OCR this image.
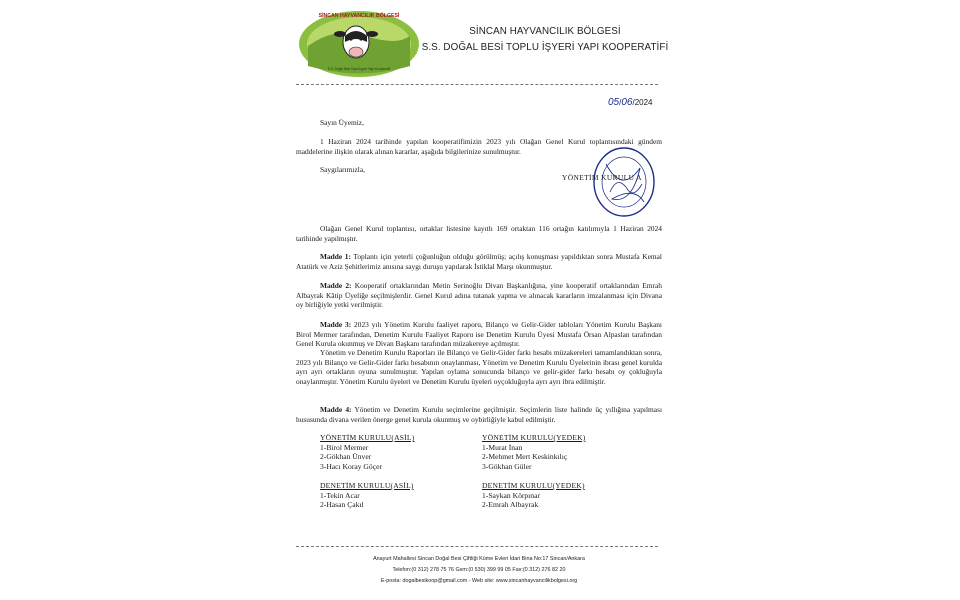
SİNCAN HAYVANCILIK BÖLGESİ
S.S. Doğal Besi Toplu İşyeri Yapı Kooperatifi
SİNCAN HAYVANCILIK BÖLGESİ
S.S. DOĞAL BESİ TOPLU İŞYERİ YAPI KOOPERATİFİ
05/06/2024
Sayın Üyemiz,
1 Haziran 2024 tarihinde yapılan kooperatifimizin 2023 yılı Olağan Genel Kurul toplantısındaki gündem maddelerine ilişkin olarak alınan kararlar, aşağıda bilgilerinize sunulmuştur.
Saygılarımızla,
YÖNETİM KURULU A
Olağan Genel Kurul toplantısı, ortaklar listesine kayıtlı 169 ortaktan 116 ortağın katılımıyla 1 Haziran 2024 tarihinde yapılmıştır.
Madde 1: Toplantı için yeterli çoğunluğun olduğu görülmüş; açılış konuşması yapıldıktan sonra Mustafa Kemal Atatürk ve Aziz Şehitlerimiz anısına saygı duruşu yapılarak İstiklal Marşı okunmuştur.
Madde 2: Kooperatif ortaklarından Metin Serinoğlu Divan Başkanlığına, yine kooperatif ortaklarından Emrah Albayrak Kâtip Üyeliğe seçilmişlerdir. Genel Kurul adına tutanak yapma ve alınacak kararların imzalanması için Divana oy birliğiyle yetki verilmiştir.
Madde 3: 2023 yılı Yönetim Kurulu faaliyet raporu, Bilanço ve Gelir-Gider tabloları Yönetim Kurulu Başkanı Birol Mermer tarafından, Denetim Kurulu Faaliyet Raporu ise Denetim Kurulu Üyesi Mustafa Örsan Alpaslan tarafından Genel Kurula okunmuş ve Divan Başkanı tarafından müzakereye açılmıştır.
Yönetim ve Denetim Kurulu Raporları ile Bilanço ve Gelir-Gider farkı hesabı müzakereleri tamamlandıktan sonra, 2023 yılı Bilanço ve Gelir-Gider farkı hesabının onaylanması, Yönetim ve Denetim Kurulu Üyelerinin ibrası genel kurulda ayrı ayrı ortakların oyuna sunulmuştur. Yapılan oylama sonucunda bilanço ve gelir-gider farkı hesabı oy çokluğuyla onaylanmıştır. Yönetim Kurulu üyeleri ve Denetim Kurulu üyeleri oyçokluğuyla ayrı ayrı ibra edilmiştir.
Madde 4: Yönetim ve Denetim Kurulu seçimlerine geçilmiştir. Seçimlerin liste halinde üç yıllığına yapılması hususunda divana verilen önerge genel kurula okunmuş ve oybirliğiyle kabul edilmiştir.
YÖNETİM KURULU(ASİL)
1-Birol Mermer
2-Gökhan Ünver
3-Hacı Koray Göçer
YÖNETİM KURULU(YEDEK)
1-Murat İnan
2-Mehmet Mert Keskinkılıç
3-Gökhan Güler
DENETİM KURULU(ASİL)
1-Tekin Acar
2-Hasan Çakıl
DENETİM KURULU(YEDEK)
1-Saykan Körpınar
2-Emrah Albayrak
Anayurt Mahallesi Sincan Doğal Besi Çiftliği Küme Evleri İdari Bina No:17 Sincan/Ankara
Telefon:(0 312) 278 75 76 Gsm:(0 530) 399 99 05 Fax:(0 312) 276 82 20
E-posta: dogalbesikoop@gmail.com - Web site: www.sincanhayvancilikbolgesi.org
